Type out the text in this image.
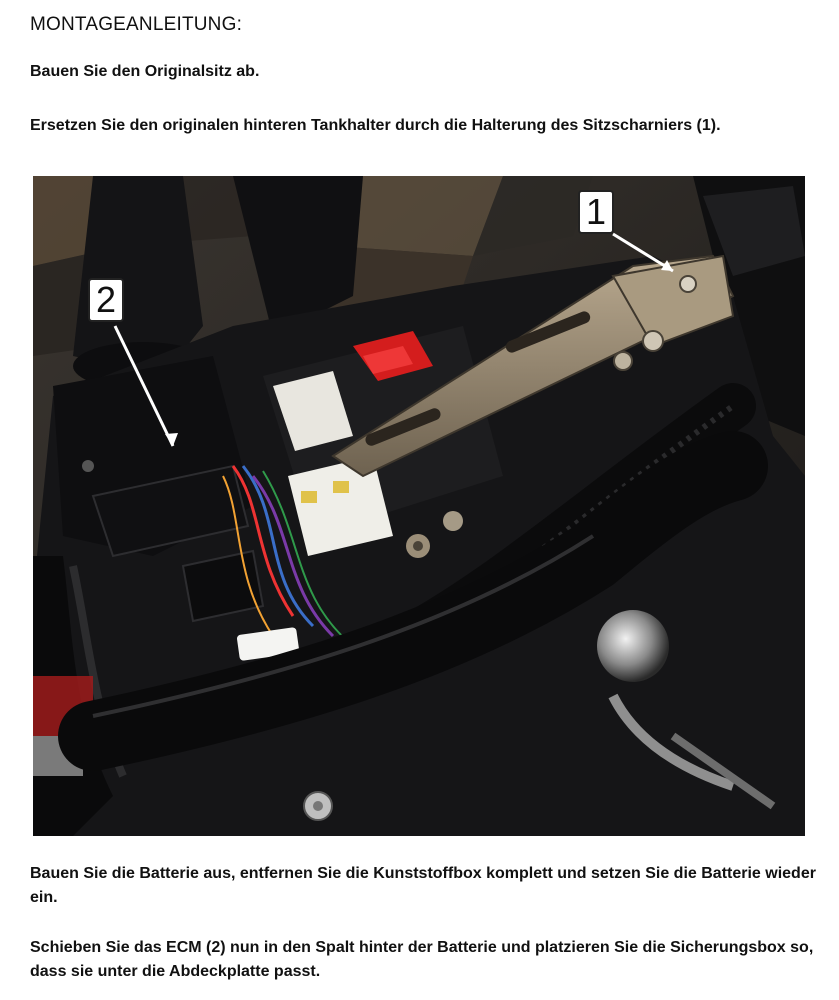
MONTAGEANLEITUNG:

Bauen Sie den Originalsitz ab.

Ersetzen Sie den originalen hinteren Tankhalter durch die Halterung des Sitzscharniers (1).

1
2

Bauen Sie die Batterie aus, entfernen Sie die Kunststoffbox komplett und setzen Sie die Batterie wieder ein.

Schieben Sie das ECM (2) nun in den Spalt hinter der Batterie und platzieren Sie die Sicherungsbox so, dass sie unter die Abdeckplatte passt.
